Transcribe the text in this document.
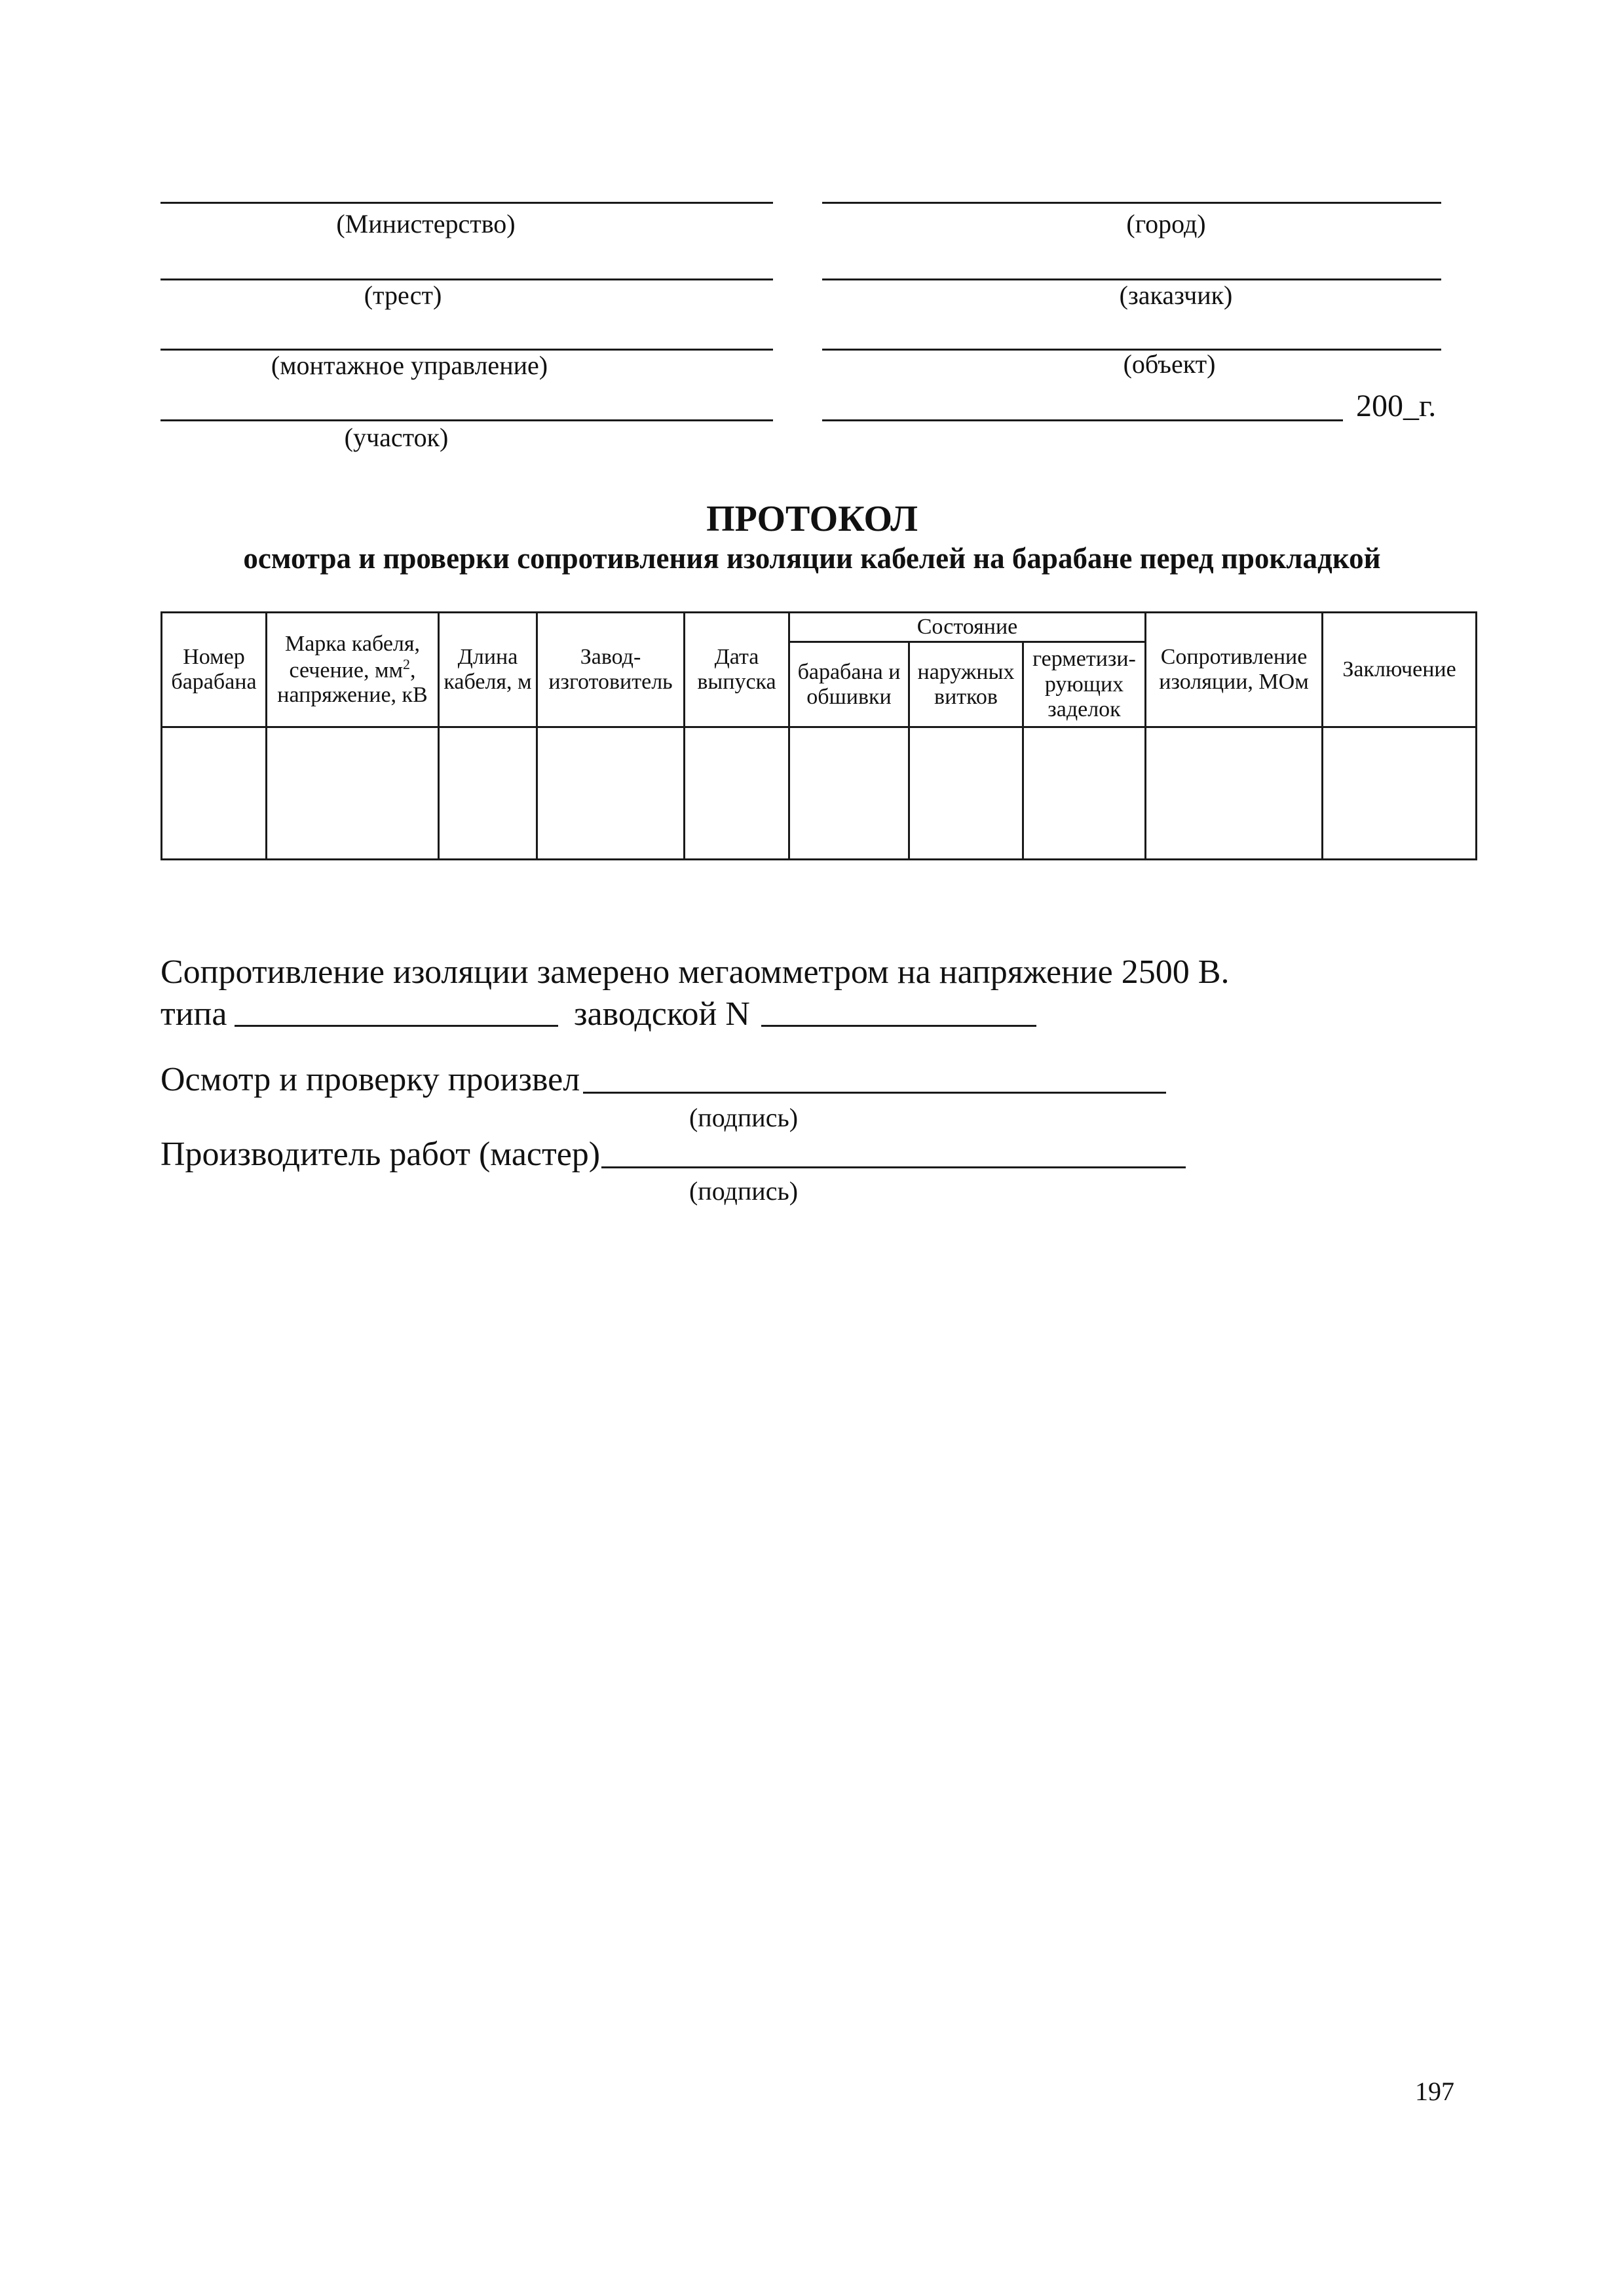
(Министерство)
(трест)
(монтажное управление)
(участок)
(город)
(заказчик)
(объект)
200_г.
ПРОТОКОЛ
осмотра и проверки сопротивления изоляции кабелей на барабане перед прокладкой
Номер барабана	Марка кабеля,
сечение, $мм^2$,
напряжение, кВ	Длина кабеля, м	Завод-изготовитель	Дата выпуска	Состояние			Сопротивление изоляции, МОм	Заключение
					барабана и обшивки	наружных витков	герметизи-рующих заделок		

Сопротивление изоляции замерено мегаомметром на напряжение 2500 В.
типа	заводской N
Осмотр и проверку произвел
(подпись)
Производитель работ (мастер)
(подпись)
197
